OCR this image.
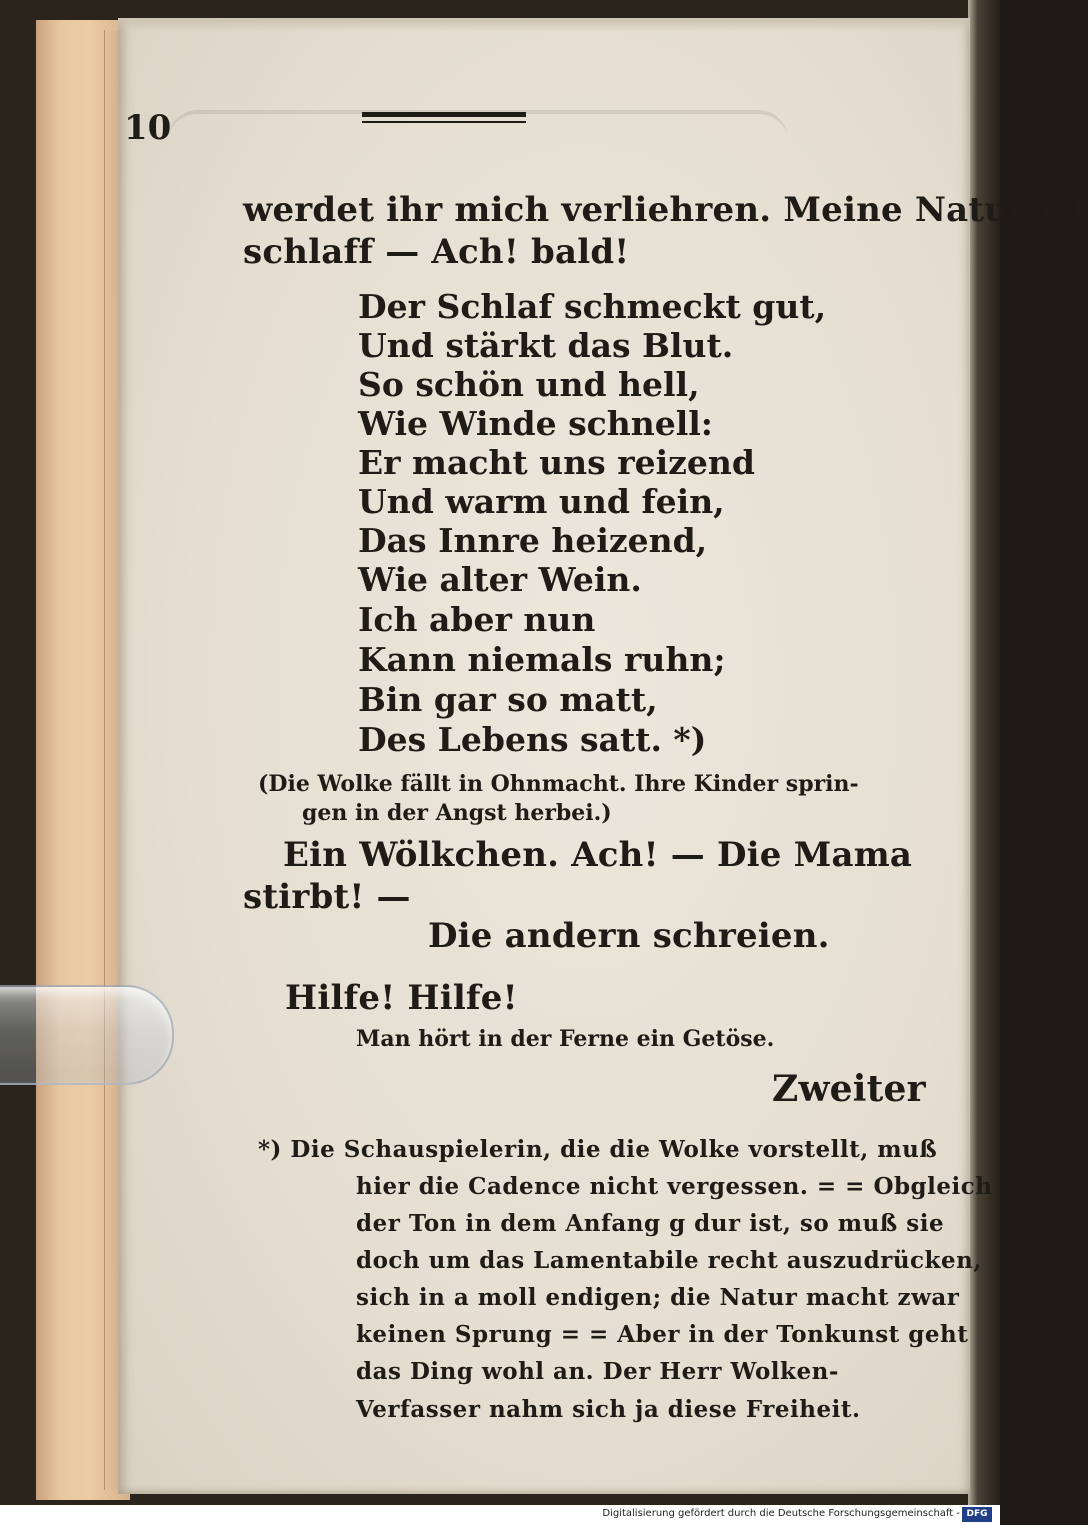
10
werdet ihr mich verliehren. Meine Natur ist
schlaff — Ach! bald!
Der Schlaf schmeckt gut,
Und stärkt das Blut.
So schön und hell,
Wie Winde schnell:
Er macht uns reizend
Und warm und fein,
Das Innre heizend,
Wie alter Wein.
Ich aber nun
Kann niemals ruhn;
Bin gar so matt,
Des Lebens satt. *)
(Die Wolke fällt in Ohnmacht. Ihre Kinder sprin-
gen in der Angst herbei.)
Ein Wölkchen. Ach! — Die Mama
stirbt! —
Die andern schreien.
Hilfe! Hilfe!
Man hört in der Ferne ein Getöse.
Zweiter
*) Die Schauspielerin, die die Wolke vorstellt, muß
hier die Cadence nicht vergessen. = = Obgleich
der Ton in dem Anfang g dur ist, so muß sie
doch um das Lamentabile recht auszudrücken,
sich in a moll endigen; die Natur macht zwar
keinen Sprung = = Aber in der Tonkunst geht
das Ding wohl an. Der Herr Wolken-
Verfasser nahm sich ja diese Freiheit.
Digitalisierung gefördert durch die Deutsche Forschungsgemeinschaft - DFG
